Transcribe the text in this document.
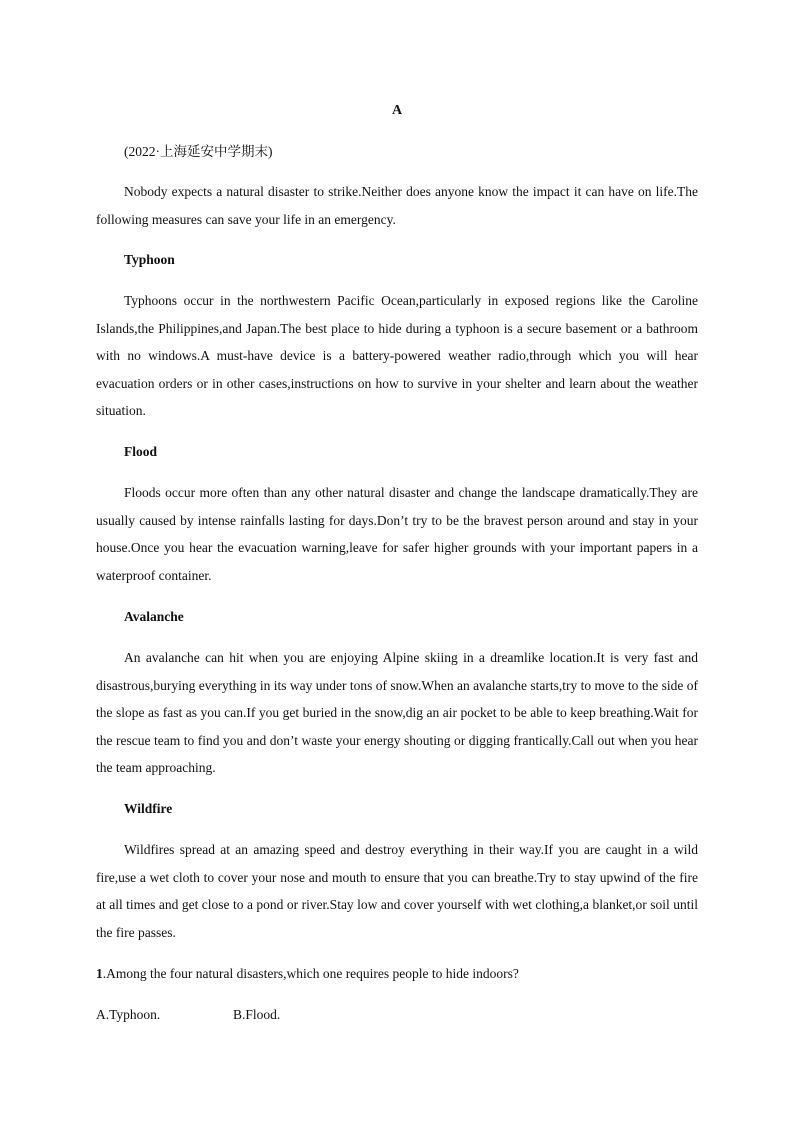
A
(2022·上海延安中学期末)

Nobody expects a natural disaster to strike.Neither does anyone know the impact it can have on life.The following measures can save your life in an emergency.

Typhoon

Typhoons occur in the northwestern Pacific Ocean,particularly in exposed regions like the Caroline Islands,the Philippines,and Japan.The best place to hide during a typhoon is a secure basement or a bathroom with no windows.A must-have device is a battery-powered weather radio,through which you will hear evacuation orders or in other cases,instructions on how to survive in your shelter and learn about the weather situation.

Flood

Floods occur more often than any other natural disaster and change the landscape dramatically.They are usually caused by intense rainfalls lasting for days.Don’t try to be the bravest person around and stay in your house.Once you hear the evacuation warning,leave for safer higher grounds with your important papers in a waterproof container.

Avalanche

An avalanche can hit when you are enjoying Alpine skiing in a dreamlike location.It is very fast and disastrous,burying everything in its way under tons of snow.When an avalanche starts,try to move to the side of the slope as fast as you can.If you get buried in the snow,dig an air pocket to be able to keep breathing.Wait for the rescue team to find you and don’t waste your energy shouting or digging frantically.Call out when you hear the team approaching.

Wildfire

Wildfires spread at an amazing speed and destroy everything in their way.If you are caught in a wild fire,use a wet cloth to cover your nose and mouth to ensure that you can breathe.Try to stay upwind of the fire at all times and get close to a pond or river.Stay low and cover yourself with wet clothing,a blanket,or soil until the fire passes.

1.Among the four natural disasters,which one requires people to hide indoors?
A.Typhoon.	B.Flood.
